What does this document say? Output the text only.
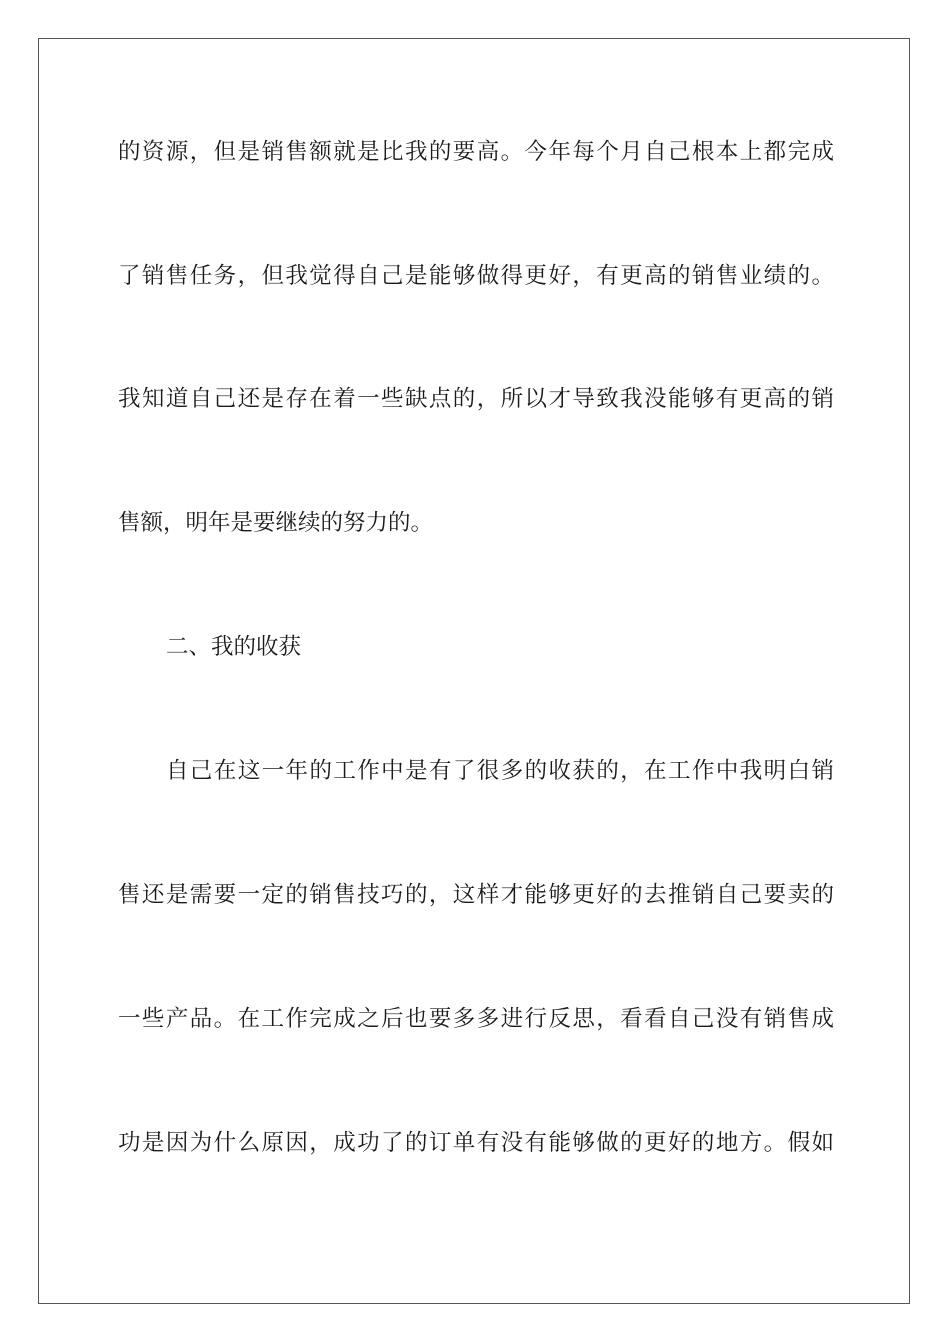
的资源，但是销售额就是比我的要高。今年每个月自己根本上都完成
了销售任务，但我觉得自己是能够做得更好，有更高的销售业绩的。
我知道自己还是存在着一些缺点的，所以才导致我没能够有更高的销
售额，明年是要继续的努力的。
二、我的收获
自己在这一年的工作中是有了很多的收获的，在工作中我明白销
售还是需要一定的销售技巧的，这样才能够更好的去推销自己要卖的
一些产品。在工作完成之后也要多多进行反思，看看自己没有销售成
功是因为什么原因，成功了的订单有没有能够做的更好的地方。假如
